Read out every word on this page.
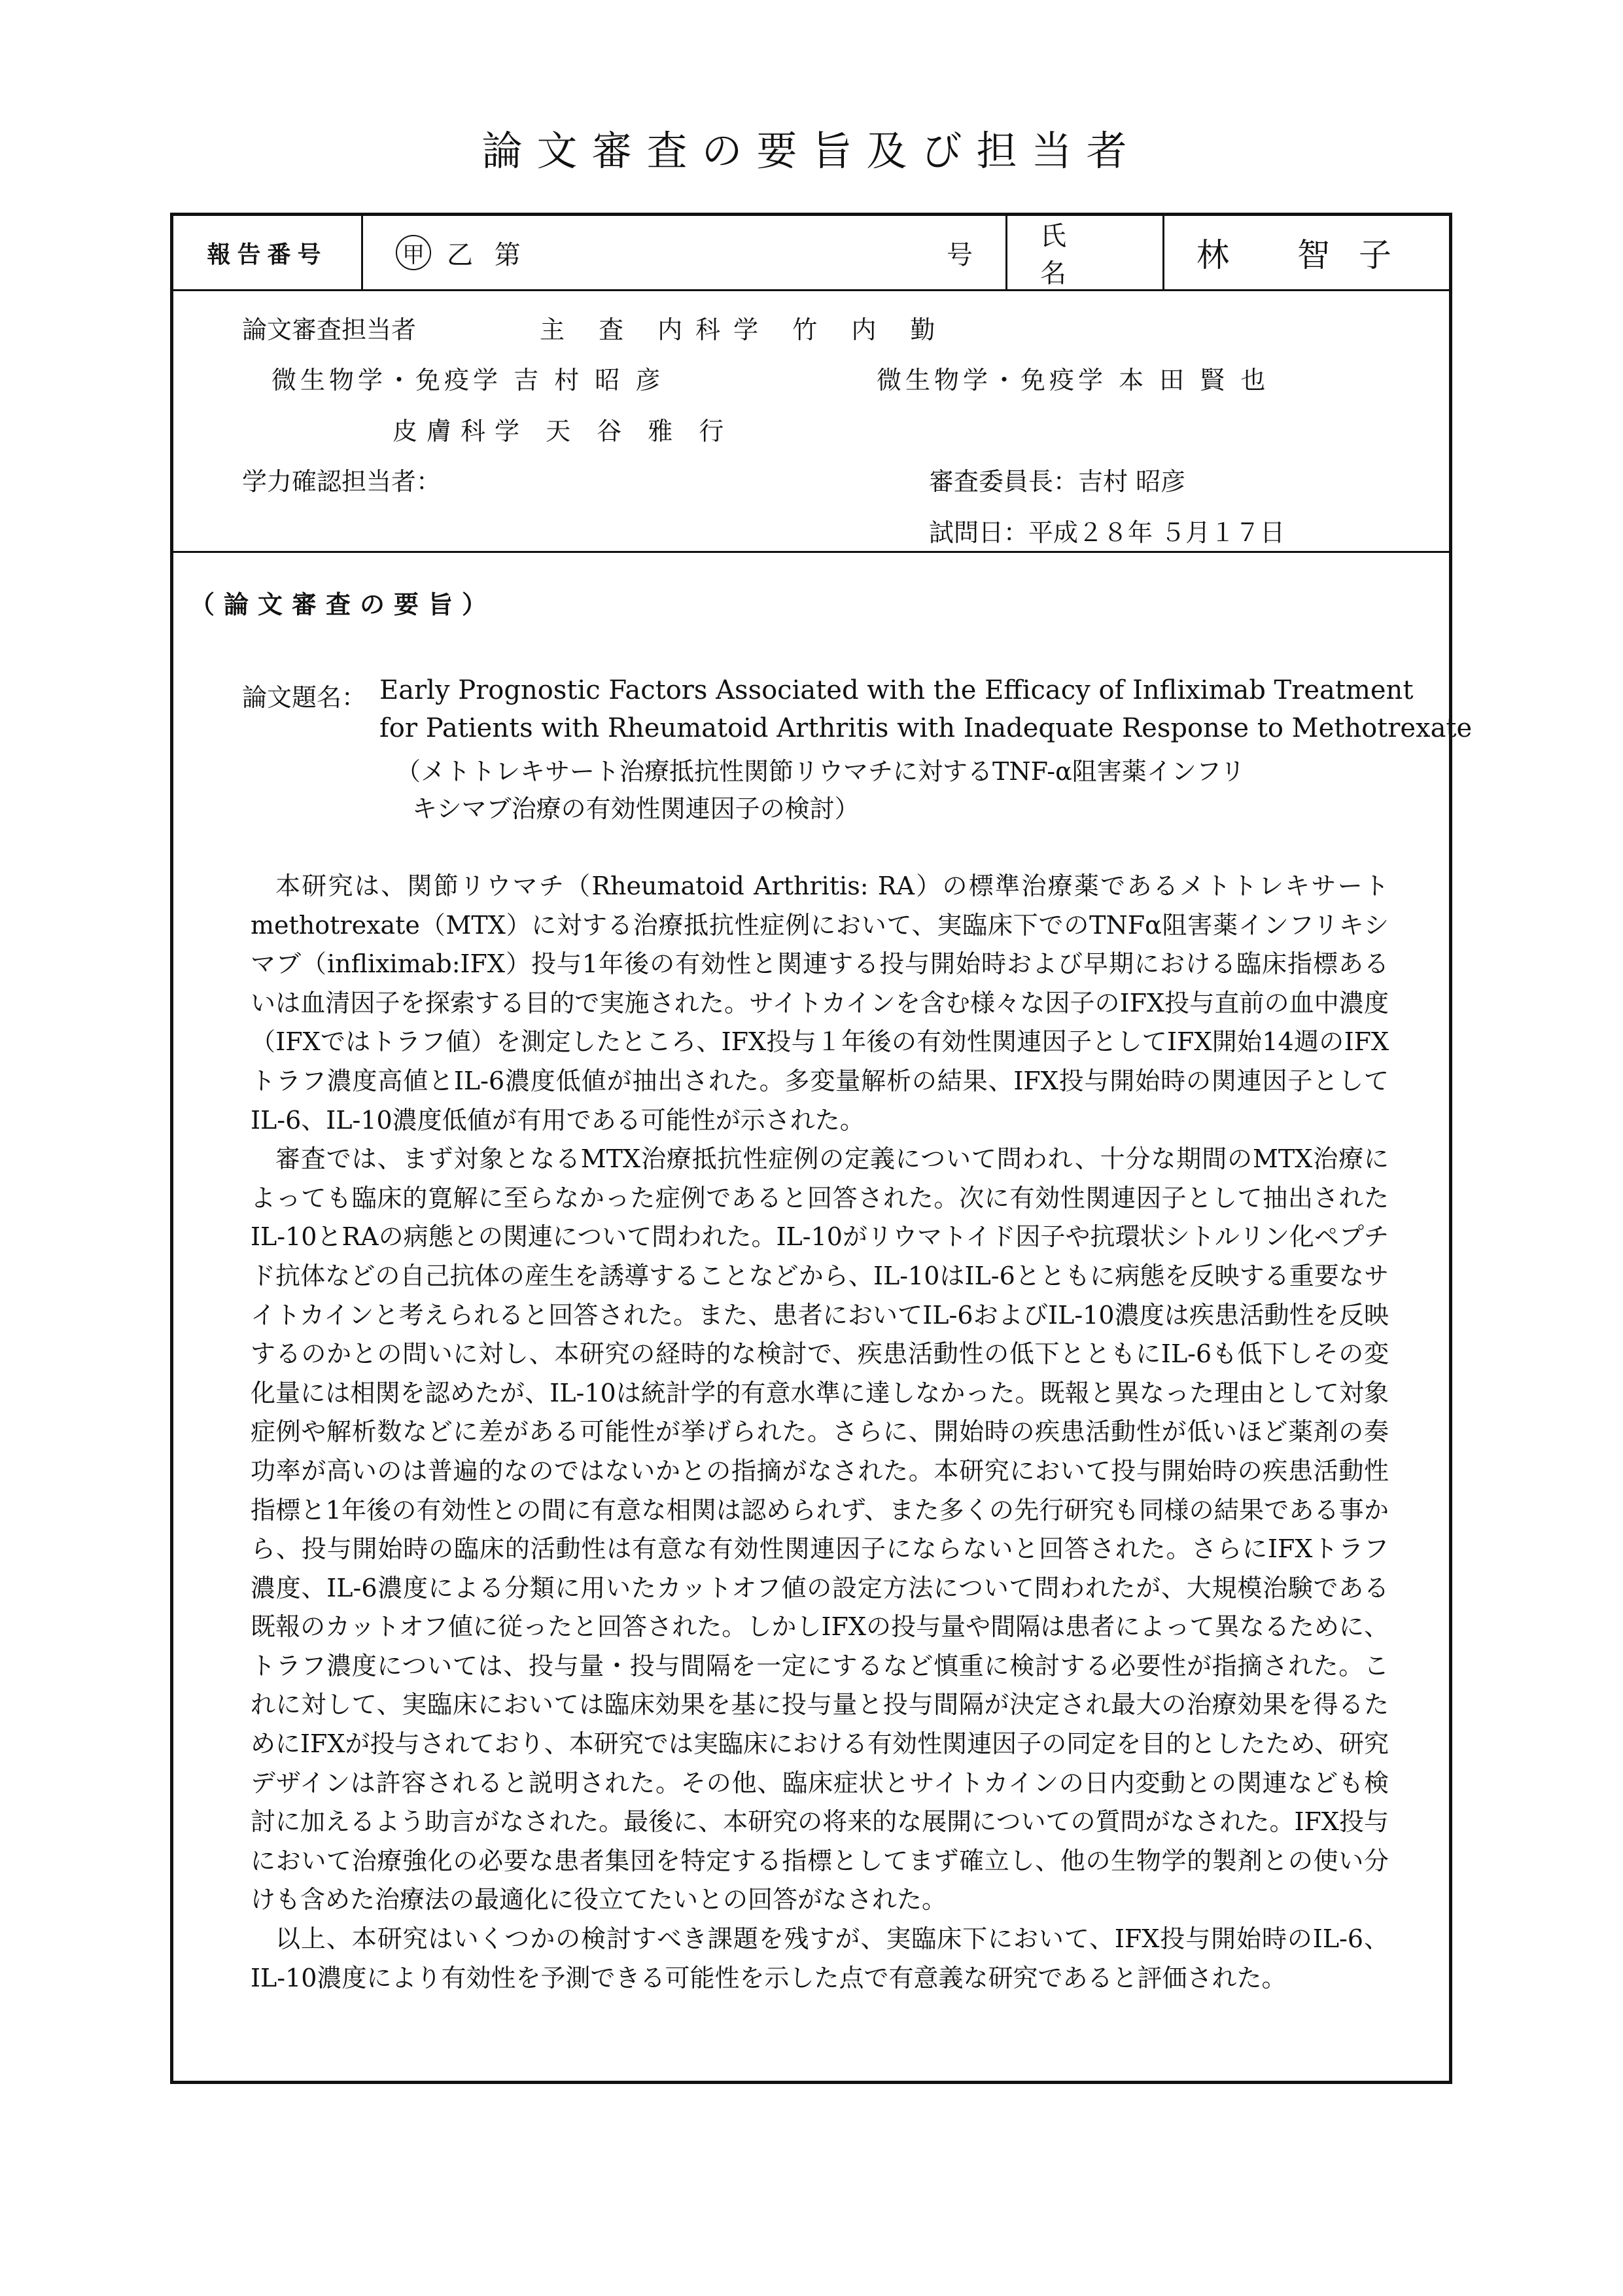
論文審査の要旨及び担当者
報告番号	甲 乙 第	号
氏名	林 智子
論文審査担当者	主 査 内科学 竹 内 勤
微生物学・免疫学 吉 村 昭 彦	微生物学・免疫学 本 田 賢 也
皮膚科学 天 谷 雅 行
学力確認担当者：	審査委員長：吉村 昭彦
試問日：平成２８年 ５月１７日
（論文審査の要旨）
論文題名： Early Prognostic Factors Associated with the Efficacy of Infliximab Treatment
for Patients with Rheumatoid Arthritis with Inadequate Response to Methotrexate
（メトトレキサート治療抵抗性関節リウマチに対するTNF-α阻害薬インフリ
キシマブ治療の有効性関連因子の検討）

本研究は、関節リウマチ（Rheumatoid Arthritis: RA）の標準治療薬であるメトトレキサートmethotrexate（MTX）に対する治療抵抗性症例において、実臨床下でのTNFα阻害薬インフリキシマブ（infliximab:IFX）投与1年後の有効性と関連する投与開始時および早期における臨床指標あるいは血清因子を探索する目的で実施された。サイトカインを含む様々な因子のIFX投与直前の血中濃度（IFXではトラフ値）を測定したところ、IFX投与１年後の有効性関連因子としてIFX開始14週のIFXトラフ濃度高値とIL-6濃度低値が抽出された。多変量解析の結果、IFX投与開始時の関連因子としてIL-6、IL-10濃度低値が有用である可能性が示された。

審査では、まず対象となるMTX治療抵抗性症例の定義について問われ、十分な期間のMTX治療によっても臨床的寛解に至らなかった症例であると回答された。次に有効性関連因子として抽出されたIL-10とRAの病態との関連について問われた。IL-10がリウマトイド因子や抗環状シトルリン化ペプチド抗体などの自己抗体の産生を誘導することなどから、IL-10はIL-6とともに病態を反映する重要なサイトカインと考えられると回答された。また、患者においてIL-6およびIL-10濃度は疾患活動性を反映するのかとの問いに対し、本研究の経時的な検討で、疾患活動性の低下とともにIL-6も低下しその変化量には相関を認めたが、IL-10は統計学的有意水準に達しなかった。既報と異なった理由として対象症例や解析数などに差がある可能性が挙げられた。さらに、開始時の疾患活動性が低いほど薬剤の奏功率が高いのは普遍的なのではないかとの指摘がなされた。本研究において投与開始時の疾患活動性指標と1年後の有効性との間に有意な相関は認められず、また多くの先行研究も同様の結果である事から、投与開始時の臨床的活動性は有意な有効性関連因子にならないと回答された。さらにIFXトラフ濃度、IL-6濃度による分類に用いたカットオフ値の設定方法について問われたが、大規模治験である既報のカットオフ値に従ったと回答された。しかしIFXの投与量や間隔は患者によって異なるために、トラフ濃度については、投与量・投与間隔を一定にするなど慎重に検討する必要性が指摘された。これに対して、実臨床においては臨床効果を基に投与量と投与間隔が決定され最大の治療効果を得るためにIFXが投与されており、本研究では実臨床における有効性関連因子の同定を目的としたため、研究デザインは許容されると説明された。その他、臨床症状とサイトカインの日内変動との関連なども検討に加えるよう助言がなされた。最後に、本研究の将来的な展開についての質問がなされた。IFX投与において治療強化の必要な患者集団を特定する指標としてまず確立し、他の生物学的製剤との使い分けも含めた治療法の最適化に役立てたいとの回答がなされた。

以上、本研究はいくつかの検討すべき課題を残すが、実臨床下において、IFX投与開始時のIL-6、IL-10濃度により有効性を予測できる可能性を示した点で有意義な研究であると評価された。
